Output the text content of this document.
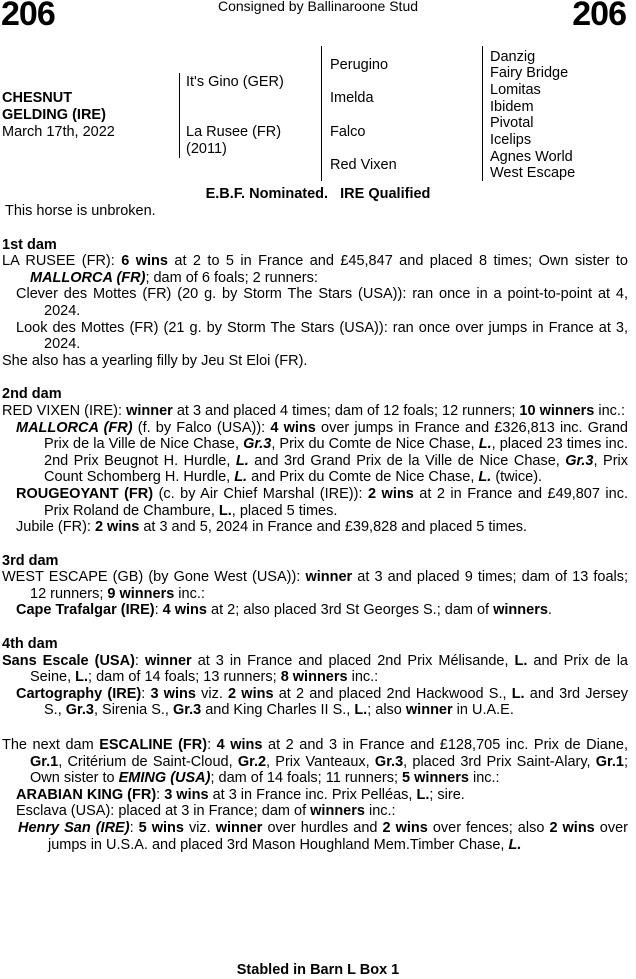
206	206
Consigned by Ballinaroone Stud
CHESNUT
GELDING (IRE)
March 17th, 2022
It's Gino (GER)
La Rusee (FR)
(2011)
Perugino
Imelda
Falco
Red Vixen
Danzig
Fairy Bridge
Lomitas
Ibidem
Pivotal
Icelips
Agnes World
West Escape
E.B.F. Nominated.   IRE Qualified

This horse is unbroken.

1st dam

LA RUSEE (FR): 6 wins at 2 to 5 in France and £45,847 and placed 8 times; Own sister to MALLORCA (FR); dam of 6 foals; 2 runners:

Clever des Mottes (FR) (20 g. by Storm The Stars (USA)): ran once in a point-to-point at 4, 2024.

Look des Mottes (FR) (21 g. by Storm The Stars (USA)): ran once over jumps in France at 3, 2024.

She also has a yearling filly by Jeu St Eloi (FR).

2nd dam

RED VIXEN (IRE): winner at 3 and placed 4 times; dam of 12 foals; 12 runners; 10 winners inc.:

MALLORCA (FR) (f. by Falco (USA)): 4 wins over jumps in France and £326,813 inc. Grand Prix de la Ville de Nice Chase, Gr.3, Prix du Comte de Nice Chase, L., placed 23 times inc. 2nd Prix Beugnot H. Hurdle, L. and 3rd Grand Prix de la Ville de Nice Chase, Gr.3, Prix Count Schomberg H. Hurdle, L. and Prix du Comte de Nice Chase, L. (twice).

ROUGEOYANT (FR) (c. by Air Chief Marshal (IRE)): 2 wins at 2 in France and £49,807 inc. Prix Roland de Chambure, L., placed 5 times.

Jubile (FR): 2 wins at 3 and 5, 2024 in France and £39,828 and placed 5 times.

3rd dam

WEST ESCAPE (GB) (by Gone West (USA)): winner at 3 and placed 9 times; dam of 13 foals; 12 runners; 9 winners inc.:

Cape Trafalgar (IRE): 4 wins at 2; also placed 3rd St Georges S.; dam of winners.

4th dam

Sans Escale (USA): winner at 3 in France and placed 2nd Prix Mélisande, L. and Prix de la Seine, L.; dam of 14 foals; 13 runners; 8 winners inc.:

Cartography (IRE): 3 wins viz. 2 wins at 2 and placed 2nd Hackwood S., L. and 3rd Jersey S., Gr.3, Sirenia S., Gr.3 and King Charles II S., L.; also winner in U.A.E.

The next dam ESCALINE (FR): 4 wins at 2 and 3 in France and £128,705 inc. Prix de Diane, Gr.1, Critérium de Saint-Cloud, Gr.2, Prix Vanteaux, Gr.3, placed 3rd Prix Saint-Alary, Gr.1; Own sister to EMING (USA); dam of 14 foals; 11 runners; 5 winners inc.:

ARABIAN KING (FR): 3 wins at 3 in France inc. Prix Pelléas, L.; sire.

Esclava (USA): placed at 3 in France; dam of winners inc.:

Henry San (IRE): 5 wins viz. winner over hurdles and 2 wins over fences; also 2 wins over jumps in U.S.A. and placed 3rd Mason Houghland Mem.Timber Chase, L.

Stabled in Barn L Box 1
